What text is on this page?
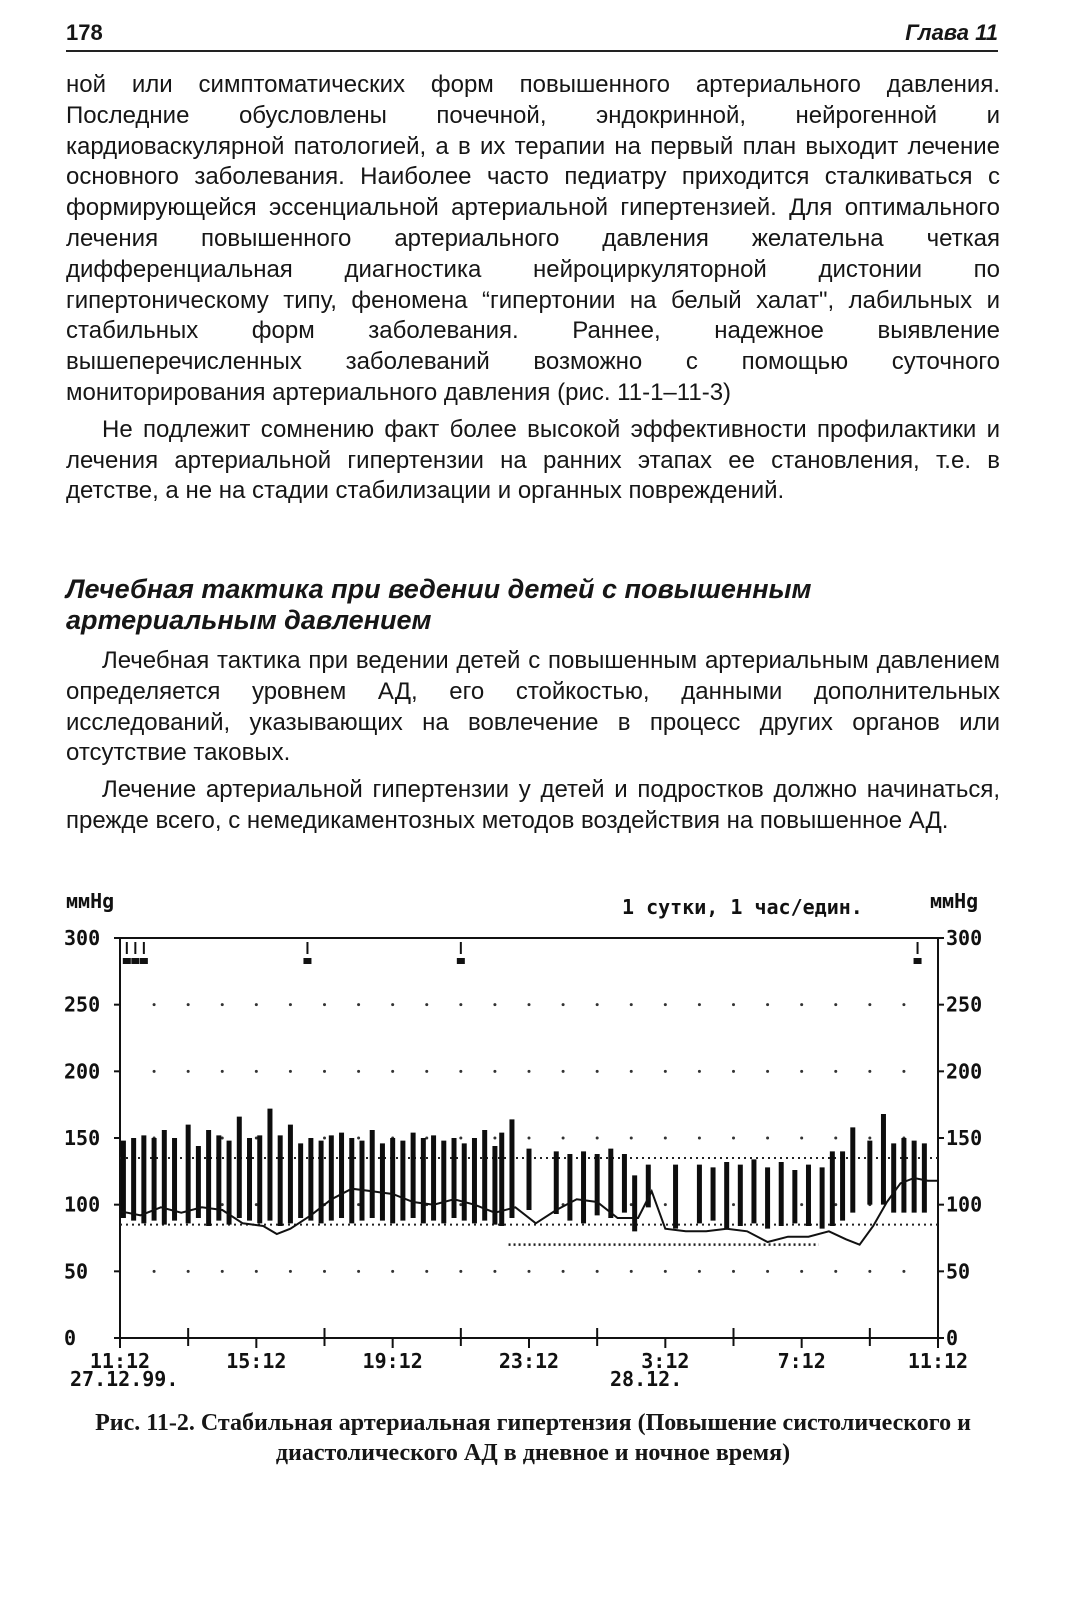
178	Глава 11

ной или симптоматических форм повышенного артериального давления. Последние обусловлены почечной, эндокринной, нейрогенной и кардиоваскулярной патологией, а в их терапии на первый план выходит лечение основного заболевания. Наиболее часто педиатру приходится сталкиваться с формирующейся эссенциальной артериальной гипертензией. Для оптимального лечения повышенного артериального давления желательна четкая дифференциальная диагностика нейроциркуляторной дистонии по гипертоническому типу, феномена “гипертонии на белый халат", лабильных и стабильных форм заболевания. Раннее, надежное выявление вышеперечисленных заболеваний возможно с помощью суточного мониторирования артериального давления (рис. 11-1–11-3)

Не подлежит сомнению факт более высокой эффективности профилактики и лечения артериальной гипертензии на ранних этапах ее становления, т.е. в детстве, а не на стадии стабилизации и органных повреждений.

Лечебная тактика при ведении детей с повышенным артериальным давлением

Лечебная тактика при ведении детей с повышенным артериальным давлением определяется уровнем АД, его стойкостью, данными дополнительных исследований, указывающих на вовлечение в процесс других органов или отсутствие таковых.

Лечение артериальной гипертензии у детей и подростков должно начинаться, прежде всего, с немедикаментозных методов воздействия на повышенное АД.

ммHg	1 сутки, 1 час/един.	ммHg
27.12.99.	28.12.
300	300
250	250
200	200
150	150
100	100
50	50
0	0
11:12	15:12	19:12	23:12	3:12	7:12	11:12
Рис. 11-2. Стабильная артериальная гипертензия (Повышение систолического и диастолического АД в дневное и ночное время)
